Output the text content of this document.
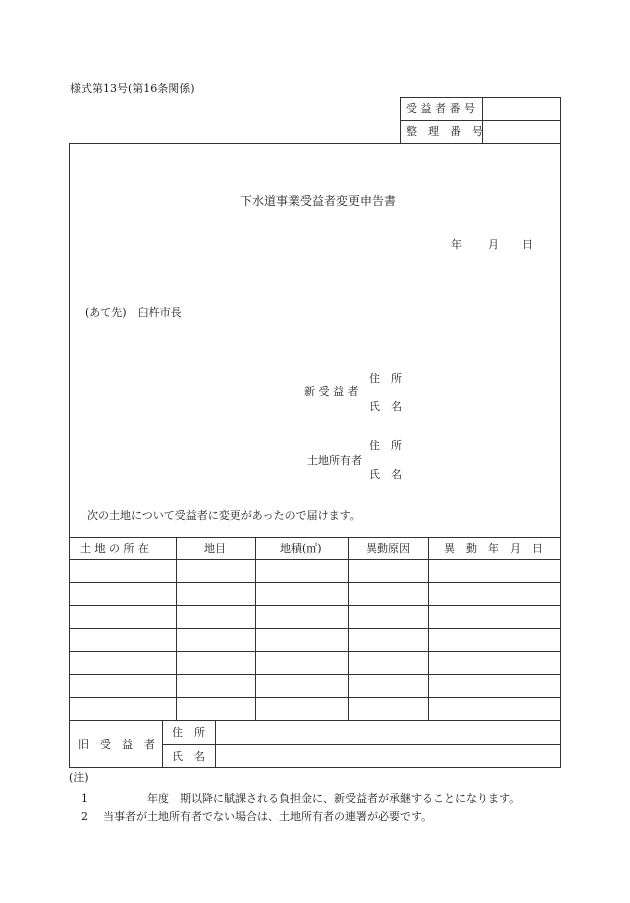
様式第13号(第16条関係)
受 益 者 番 号
整　理　番　号
下水道事業受益者変更申告書
年 月 日
(あて先)　臼杵市長
住　所
新 受 益 者
氏　名
住　所
土地所有者
氏　名
次の土地について受益者に変更があったので届けます。
土 地 の 所 在	地目	地積(㎡)	異動原因	異　動　年　月　日
旧　受　益　者
住　所
氏　名
(注)
1 　　　　年度　期以降に賦課される負担金に、新受益者が承継することになります。
2 当事者が土地所有者でない場合は、土地所有者の連署が必要です。
